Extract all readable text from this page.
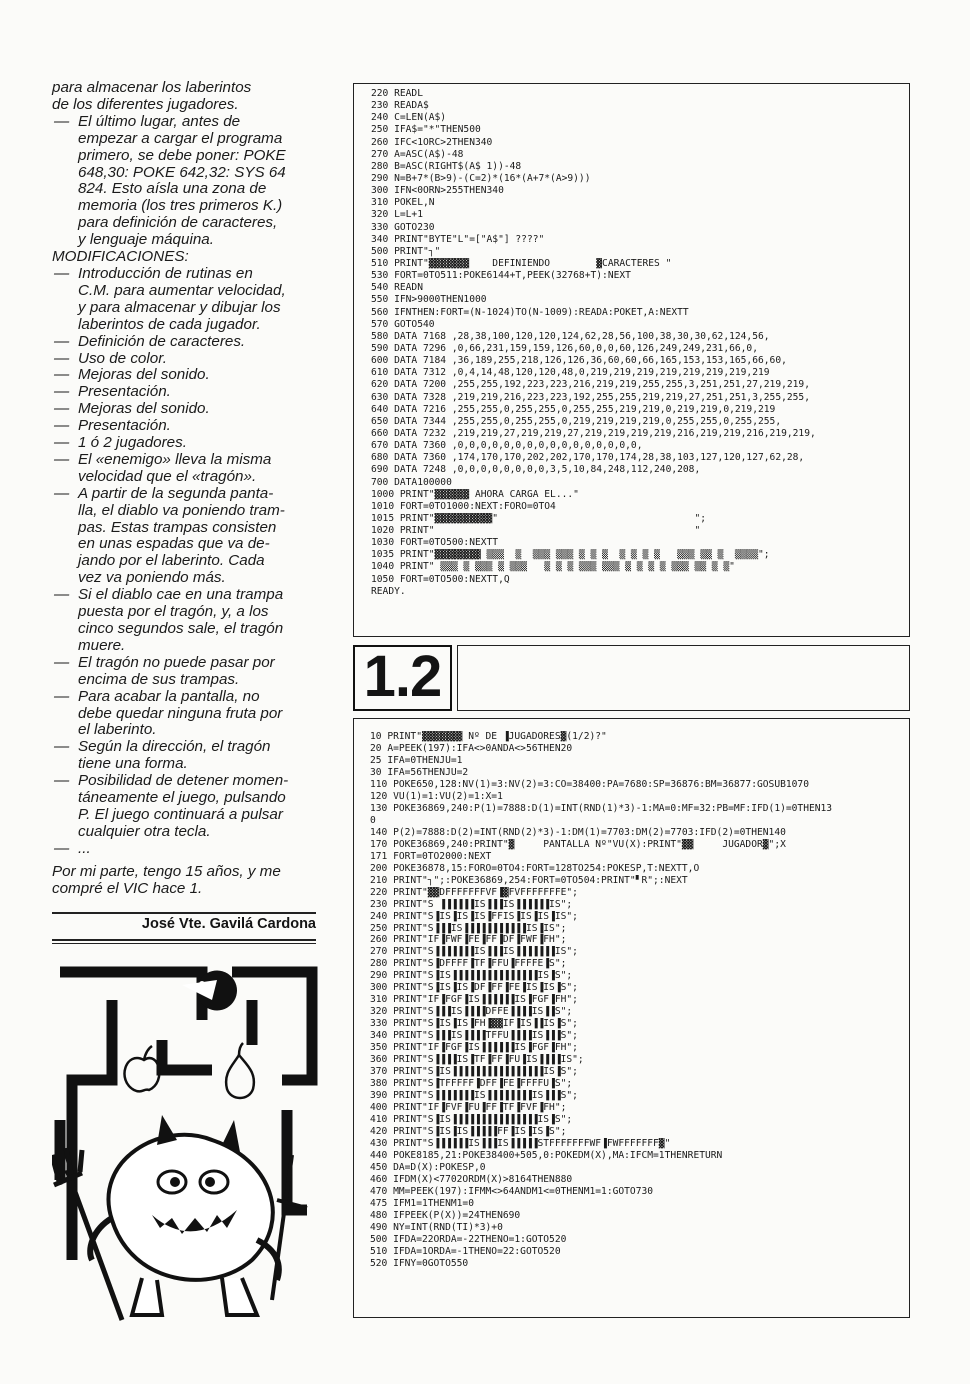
para almacenar los laberintos

de los diferentes jugadores.

— El último lugar, antes de

empezar a cargar el programa

primero, se debe poner: POKE

648,30: POKE 642,32: SYS 64

824. Esto aísla una zona de

memoria (los tres primeros K.)

para definición de caracteres,

y lenguaje máquina.

MODIFICACIONES:

— Introducción de rutinas en

C.M. para aumentar velocidad,

y para almacenar y dibujar los

laberintos de cada jugador.

— Definición de caracteres.

— Uso de color.

— Mejoras del sonido.

— Presentación.

— Mejoras del sonido.

— Presentación.

— 1 ó 2 jugadores.

— El «enemigo» lleva la misma

velocidad que el «tragón».

— A partir de la segunda panta-

lla, el diablo va poniendo tram-

pas. Estas trampas consisten

en unas espadas que va de-

jando por el laberinto. Cada

vez va poniendo más.

— Si el diablo cae en una trampa

puesta por el tragón, y, a los

cinco segundos sale, el tragón

muere.

— El tragón no puede pasar por

encima de sus trampas.

— Para acabar la pantalla, no

debe quedar ninguna fruta por

el laberinto.

— Según la dirección, el tragón

tiene una forma.

— Posibilidad de detener momen-

táneamente el juego, pulsando

P. El juego continuará a pulsar

cualquier otra tecla.

— ...

Por mi parte, tengo 15 años, y me

compré el VIC hace 1.

José Vte. Gavilá Cardona
220 READL
230 READA$
240 C=LEN(A$)
250 IFA$="*"THEN500
260 IFC<1ORC>2THEN340
270 A=ASC(A$)-48
280 B=ASC(RIGHT$(A$ 1))-48
290 N=B+7*(B>9)-(C=2)*(16*(A+7*(A>9)))
300 IFN<0ORN>255THEN340
310 POKEL,N
320 L=L+1
330 GOTO230
340 PRINT"BYTE"L"=["A$"] ????"
500 PRINT"┐"
510 PRINT"▓▓▓▓▓▓▓    DEFINIENDO        ▓CARACTERES "
530 FORT=0TO511:POKE6144+T,PEEK(32768+T):NEXT
540 READN
550 IFN>9000THEN1000
560 IFNTHEN:FORT=(N-1024)TO(N-1009):READA:POKET,A:NEXTT
570 GOTO540
580 DATA 7168 ,28,38,100,120,120,124,62,28,56,100,38,30,30,62,124,56,
590 DATA 7296 ,0,66,231,159,159,126,60,0,0,60,126,249,249,231,66,0,
600 DATA 7184 ,36,189,255,218,126,126,36,60,60,66,165,153,153,165,66,60,
610 DATA 7312 ,0,4,14,48,120,120,48,0,219,219,219,219,219,219,219,219
620 DATA 7200 ,255,255,192,223,223,216,219,219,255,255,3,251,251,27,219,219,
630 DATA 7328 ,219,219,216,223,223,192,255,255,219,219,27,251,251,3,255,255,
640 DATA 7216 ,255,255,0,255,255,0,255,255,219,219,0,219,219,0,219,219
650 DATA 7344 ,255,255,0,255,255,0,219,219,219,219,0,255,255,0,255,255,
660 DATA 7232 ,219,219,27,219,219,27,219,219,219,219,216,219,219,216,219,219,
670 DATA 7360 ,0,0,0,0,0,0,0,0,0,0,0,0,0,0,0,0,
680 DATA 7360 ,174,170,170,202,202,170,170,174,28,38,103,127,120,127,62,28,
690 DATA 7248 ,0,0,0,0,0,0,0,0,3,5,10,84,248,112,240,208,
700 DATA100000
1000 PRINT"▓▓▓▓▓▓ AHORA CARGA EL..."
1010 FORT=0TO1000:NEXT:FORO=0TO4
1015 PRINT"▓▓▓▓▓▓▓▓▓▓"                                  ";
1020 PRINT"                                             "
1030 FORT=0TO500:NEXTT
1035 PRINT"▓▓▓▓▓▓▓▓ ▒▒▒  ▒  ▒▒▒ ▒▒▒ ▒ ▒ ▒  ▒ ▒ ▒ ▒   ▒▒▒ ▒▒ ▒  ▒▒▒▒";
1040 PRINT" ▒▒▒ ▒ ▒▒▒ ▒ ▒▒▒   ▒ ▒ ▒ ▒▒▒ ▒▒▒ ▒ ▒ ▒ ▒ ▒▒▒ ▒▒ ▒ ▒"
1050 FORT=0TO500:NEXTT,Q
READY.
1.2
10 PRINT"▓▓▓▓▓▓▓ Nº DE ▐JUGADORES▓(1/2)?"
20 A=PEEK(197):IFA<>0ANDA<>56THEN20
25 IFA=0THENJU=1
30 IFA=56THENJU=2
110 POKE650,128:NV(1)=3:NV(2)=3:CO=38400:PA=7680:SP=36876:BM=36877:GOSUB1070
120 VU(1)=1:VU(2)=1:X=1
130 POKE36869,240:P(1)=7888:D(1)=INT(RND(1)*3)-1:MA=0:MF=32:PB=MF:IFD(1)=0THEN13
0
140 P(2)=7888:D(2)=INT(RND(2)*3)-1:DM(1)=7703:DM(2)=7703:IFD(2)=0THEN140
170 POKE36869,240:PRINT"▓     PANTALLA Nº"VU(X):PRINT"▓▓     JUGADOR▓";X
171 FORT=0TO2000:NEXT
200 POKE36878,15:FORO=0TO4:FORT=128TO254:POKESP,T:NEXTT,O
210 PRINT"┐";:POKE36869,254:FORT=0TO504:PRINT"▘R";:NEXT
220 PRINT"▓▓DFFFFFFFVF▐▓FVFFFFFFFE";
230 PRINT"S ▐▐▐▐▐▐IS▐▐▐IS▐▐▐▐▐▐IS";
240 PRINT"S▐IS▐IS▐IS▐FFIS▐IS▐IS▐IS";
250 PRINT"S▐▐▐IS▐▐▐▐▐▐▐▐▐▐▐IS▐IS";
260 PRINT"IF▐FWF▐FE▐FF▐DF▐FWF▐FH";
270 PRINT"S▐▐▐▐▐▐▐IS▐▐▐IS▐▐▐▐▐▐▐IS";
280 PRINT"S▐DFFFF▐TF▐FFU▐FFFFE▐S";
290 PRINT"S▐IS▐▐▐▐▐▐▐▐▐▐▐▐▐▐▐IS▐S";
300 PRINT"S▐IS▐IS▐DF▐FF▐FE▐IS▐IS▐S";
310 PRINT"IF▐FGF▐IS▐▐▐▐▐▐IS▐FGF▐FH";
320 PRINT"S▐▐▐IS▐▐▐▐DFFE▐▐▐▐IS▐▐S";
330 PRINT"S▐IS▐IS▐FH▐▓▓IF▐IS▐▐IS▐S";
340 PRINT"S▐▐▐IS▐▐▐▐TFFU▐▐▐▐IS▐▐▐S";
350 PRINT"IF▐FGF▐IS▐▐▐▐▐▐IS▐FGF▐FH";
360 PRINT"S▐▐▐▐IS▐TF▐FF▐FU▐IS▐▐▐▐IS";
370 PRINT"S▐IS▐▐▐▐▐▐▐▐▐▐▐▐▐▐▐▐IS▐S";
380 PRINT"S▐TFFFFF▐DFF▐FE▐FFFFU▐S";
390 PRINT"S▐▐▐▐▐▐▐IS▐▐▐▐▐▐▐▐IS▐▐▐S";
400 PRINT"IF▐FVF▐FU▐FF▐TF▐FVF▐FH";
410 PRINT"S▐IS▐▐▐▐▐▐▐▐▐▐▐▐▐▐▐IS▐S";
420 PRINT"S▐IS▐IS▐▐▐▐▐FF▐IS▐IS▐S";
430 PRINT"S▐▐▐▐▐▐IS▐▐▐IS▐▐▐▐▐STFFFFFFFWF▐FWFFFFFFF▓"
440 POKE8185,21:POKE38400+505,0:POKEDM(X),MA:IFCM=1THENRETURN
450 DA=D(X):POKESP,0
460 IFDM(X)<7702ORDM(X)>8164THEN880
470 MM=PEEK(197):IFMM<>64ANDM1<=0THENM1=1:GOTO730
475 IFM1=1THENM1=0
480 IFPEEK(P(X))=24THEN690
490 NY=INT(RND(TI)*3)+0
500 IFDA=22ORDA=-22THENO=1:GOTO520
510 IFDA=1ORDA=-1THENO=22:GOTO520
520 IFNY=0GOTO550
